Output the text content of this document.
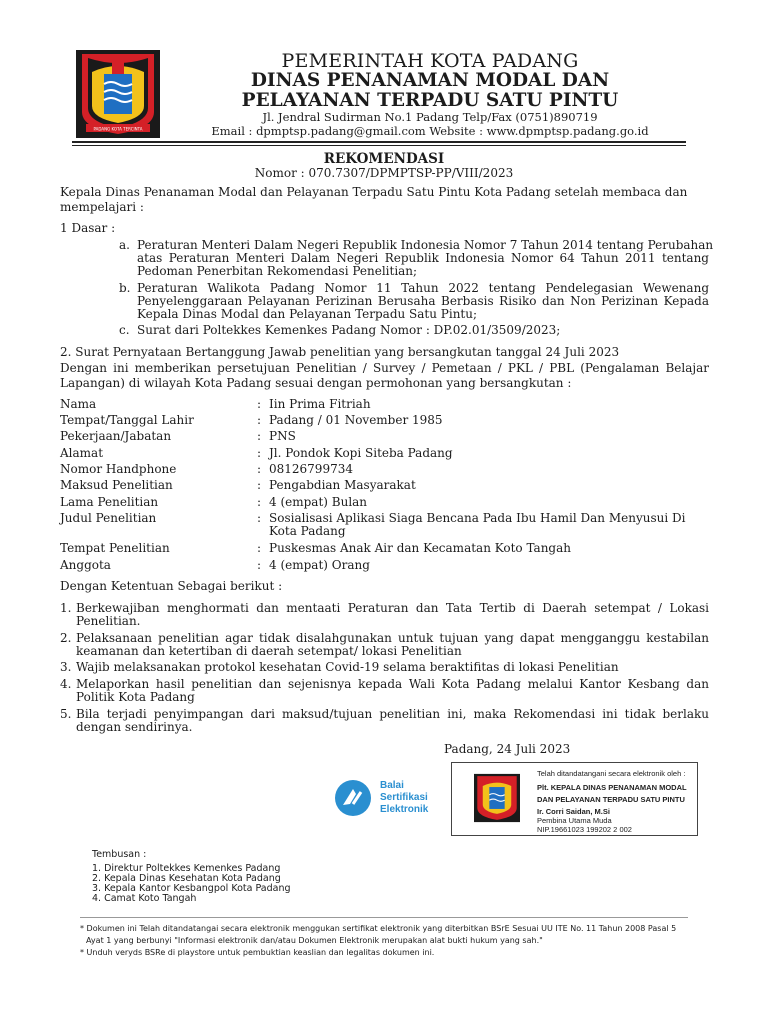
PADANG KOTA TERCINTA
PEMERINTAH KOTA PADANG
DINAS PENANAMAN MODAL DAN
PELAYANAN TERPADU SATU PINTU
Jl. Jendral Sudirman No.1 Padang Telp/Fax (0751)890719
Email : dpmptsp.padang@gmail.com Website : www.dpmptsp.padang.go.id
REKOMENDASI
Nomor : 070.7307/DPMPTSP-PP/VIII/2023
Kepala Dinas Penanaman Modal dan Pelayanan Terpadu Satu Pintu Kota Padang setelah membaca dan
mempelajari :
1 Dasar :
a. Peraturan Menteri Dalam Negeri Republik Indonesia Nomor 7 Tahun 2014 tentang Perubahan
atas Peraturan Menteri Dalam Negeri Republik Indonesia Nomor 64 Tahun 2011 tentang
Pedoman Penerbitan Rekomendasi Penelitian;
b. Peraturan Walikota Padang Nomor 11 Tahun 2022 tentang Pendelegasian Wewenang
Penyelenggaraan Pelayanan Perizinan Berusaha Berbasis Risiko dan Non Perizinan Kepada
Kepala Dinas Modal dan Pelayanan Terpadu Satu Pintu;
c. Surat dari Poltekkes Kemenkes Padang Nomor : DP.02.01/3509/2023;
2. Surat Pernyataan Bertanggung Jawab penelitian yang bersangkutan tanggal 24 Juli 2023
Dengan ini memberikan persetujuan Penelitian / Survey / Pemetaan / PKL / PBL (Pengalaman Belajar
Lapangan) di wilayah Kota Padang sesuai dengan permohonan yang bersangkutan :
Nama	: Iin Prima Fitriah
Tempat/Tanggal Lahir	: Padang / 01 November 1985
Pekerjaan/Jabatan	: PNS
Alamat	: Jl. Pondok Kopi Siteba Padang
Nomor Handphone	: 08126799734
Maksud Penelitian	: Pengabdian Masyarakat
Lama Penelitian	: 4 (empat) Bulan
Judul Penelitian	: Sosialisasi Aplikasi Siaga Bencana Pada Ibu Hamil Dan Menyusui Di
Kota Padang
Tempat Penelitian	: Puskesmas Anak Air dan Kecamatan Koto Tangah
Anggota	: 4 (empat) Orang
Dengan Ketentuan Sebagai berikut :
1. Berkewajiban menghormati dan mentaati Peraturan dan Tata Tertib di Daerah setempat / Lokasi
Penelitian.
2. Pelaksanaan penelitian agar tidak disalahgunakan untuk tujuan yang dapat mengganggu kestabilan
keamanan dan ketertiban di daerah setempat/ lokasi Penelitian
3. Wajib melaksanakan protokol kesehatan Covid-19 selama beraktifitas di lokasi Penelitian
4. Melaporkan hasil penelitian dan sejenisnya kepada Wali Kota Padang melalui Kantor Kesbang dan
Politik Kota Padang
5. Bila terjadi penyimpangan dari maksud/tujuan penelitian ini, maka Rekomendasi ini tidak berlaku
dengan sendirinya.
Padang, 24 Juli 2023
Balai
Sertifikasi
Elektronik
Telah ditandatangani secara elektronik oleh :
Plt. KEPALA DINAS PENANAMAN MODAL
DAN PELAYANAN TERPADU SATU PINTU
Ir. Corri Saidan, M.Si
Pembina Utama Muda
NIP.19661023 199202 2 002
Tembusan :
1. Direktur Poltekkes Kemenkes Padang
2. Kepala Dinas Kesehatan Kota Padang
3. Kepala Kantor Kesbangpol Kota Padang
4. Camat Koto Tangah
* Dokumen ini Telah ditandatangai secara elektronik menggukan sertifikat elektronik yang diterbitkan BSrE Sesuai UU ITE No. 11 Tahun 2008 Pasal 5
Ayat 1 yang berbunyi "Informasi elektronik dan/atau Dokumen Elektronik merupakan alat bukti hukum yang sah."
* Unduh veryds BSRe di playstore untuk pembuktian keaslian dan legalitas dokumen ini.
